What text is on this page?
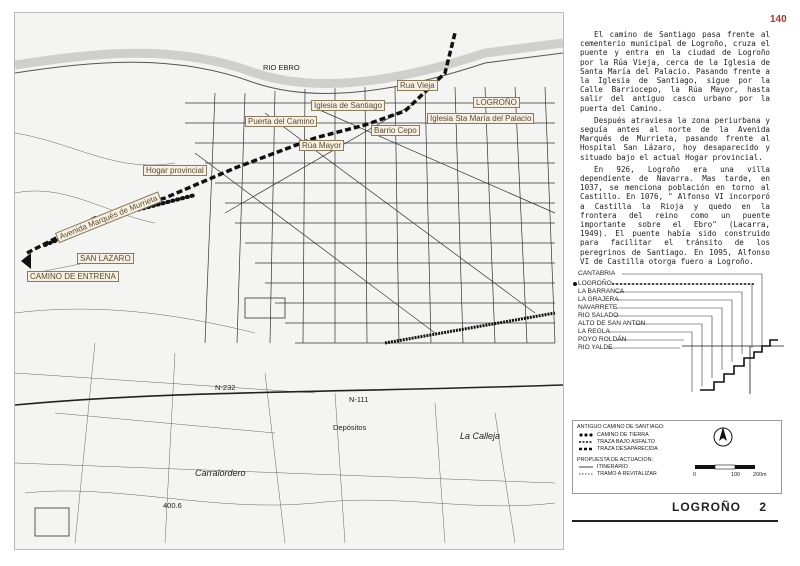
RIO EBRO
Rua Vieja
LOGROÑO
Iglesia de Santiago
Puerta del Camino
Barrio Cepo
Iglesia Sta María del Palacio
Rúa Mayor
Hogar provincial
Avenida Marqués de Murrieta
SAN LAZARO
CAMINO DE ENTRENA
La Calleja
Carralordero
Depósitos
N-232
N-111
400.6
140

El camino de Santiago pasa frente al cementerio municipal de Logroño, cruza el puente y entra en la ciudad de Logroño por la Rúa Vieja, cerca de la Iglesia de Santa María del Palacio. Pasando frente a la Iglesia de Santiago, sigue por la Calle Barriocepo, la Rúa Mayor, hasta salir del antiguo casco urbano por la puerta del Camino.

Después atraviesa la zona periurbana y seguía antes al norte de la Avenida Marqués de Murrieta, pasando frente al Hospital San Lázaro, hoy desaparecido y situado bajo el actual Hogar provincial.

En 926, Logroño era una villa dependiente de Navarra. Mas tarde, en 1037, se menciona población en torno al Castillo. En 1076, " Alfonso VI incorporó a Castilla la Rioja y quedo en la frontera del reino como un puente importante sobre el Ebro" (Lacarra, 1949). El puente había sido construido para facilitar el tránsito de los peregrinos de Santiago. En 1095, Alfonso VI de Castilla otorga fuero a Logroño.

CANTABRIA
LOGROÑO
LA BARRANCA
LA GRAJERA
NAVARRETE
RIO SALADO
ALTO DE SAN ANTON
LA REGLA
POYO ROLDÁN
RIO YALDE
ANTIGUO CAMINO DE SANTIAGO:
CAMINO DE TIERRA
TRAZA BAJO ASFALTO
TRAZA DESAPARECIDA
PROPUESTA DE ACTUACION:
ITINERARIO
TRAMO A REVITALIZAR	0	100 200m
LOGROÑO 2
